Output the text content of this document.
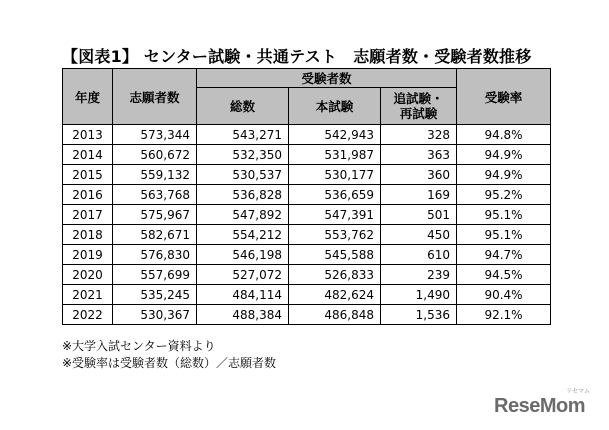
【図表1】 センター試験・共通テスト　志願者数・受験者数推移
年度	志願者数	受験者数			受験率
		総数	本試験	追試験・
再試験	
2013	573,344	543,271	542,943	328	94.8%
2014	560,672	532,350	531,987	363	94.9%
2015	559,132	530,537	530,177	360	94.9%
2016	563,768	536,828	536,659	169	95.2%
2017	575,967	547,892	547,391	501	95.1%
2018	582,671	554,212	553,762	450	95.1%
2019	576,830	546,198	545,588	610	94.7%
2020	557,699	527,072	526,833	239	94.5%
2021	535,245	484,114	482,624	1,490	90.4%
2022	530,367	488,384	486,848	1,536	92.1%
※大学入試センター資料より
※受験率は受験者数（総数）／志願者数
リセマム
ReseMom
